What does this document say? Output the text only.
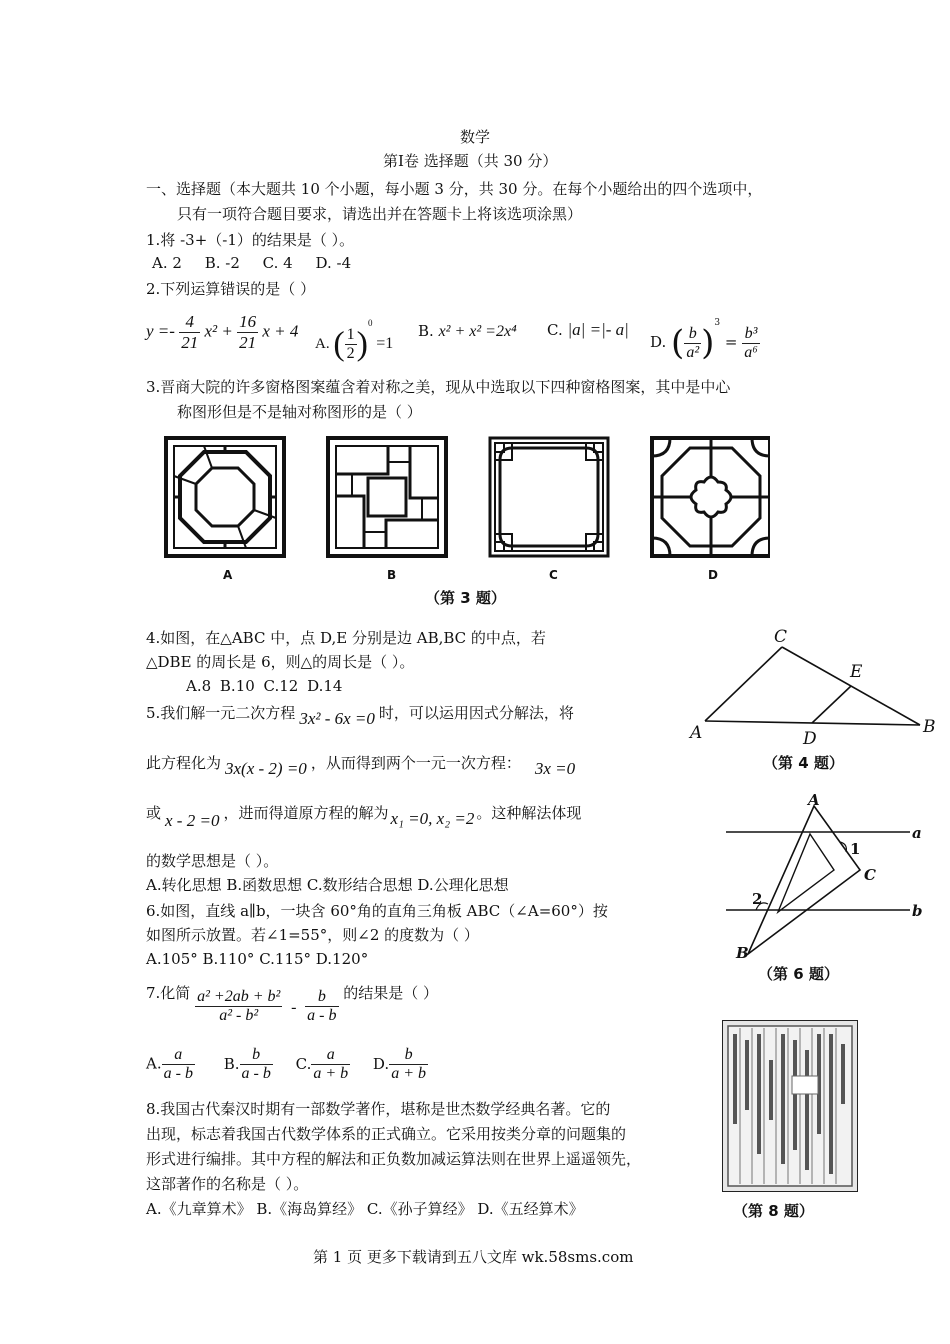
数学
第Ⅰ卷 选择题（共 30 分）
一、选择题（本大题共 10 个小题，每小题 3 分，共 30 分。在每个小题给出的四个选项中，
只有一项符合题目要求，请选出并在答题卡上将该选项涂黑）
1.将 -3+（-1）的结果是（ ）。
A. 2 B. -2 C. 4 D. -4
2.下列运算错误的是（ ）
$y =- \frac{4}{21} x^2 + \frac{16}{21}$ x + 4
A. ( $\frac{1}{2} )^0 =1$
B. x² + x² =2x⁴ C. |a| =|- a|
D. ( $\frac{b}{\text{a²}} )^3 = \frac{\text{b³}}{\text{a⁶}}$
3.晋商大院的许多窗格图案蕴含着对称之美，现从中选取以下四种窗格图案，其中是中心
称图形但是不是轴对称图形的是（ ）
A	B	C	D
（第 3 题）
4.如图，在△ABC 中，点 D,E 分别是边 AB,BC 的中点，若
△DBE 的周长是 6，则△的周长是（ ）。
A.8 B.10 C.12 D.14
C
E
A	D
B
（第 4 题）
5.我们解一元二次方程 3x² - 6x =0 时，可以运用因式分解法，将
此方程化为 3x(x - 2) =0 ，从而得到两个一元一次方程： 3x =0
或 x - 2 =0 ，进而得道原方程的解为 x₁ =0, x₂ =2 。这种解法体现
的数学思想是（ ）。
A.转化思想 B.函数思想 C.数形结合思想 D.公理化思想
6.如图，直线 a∥b，一块含 60°角的直角三角板 ABC（∠A=60°）按
如图所示放置。若∠1=55°，则∠2 的度数为（ ）
A.105° B.110° C.115° D.120°
A
1
a
C
2
b
B
（第 6 题）
7.化简 $\frac{\text{a² +2ab + b²}}{\text{a² - b²}} - \frac{b}{a - b}$ 的结果是（ ）
A. $\frac{a}{a - b} B$. $\frac{b}{a - b} C$. $\frac{a}{a + b} D$. $\frac{b}{a + b}$
8.我国古代秦汉时期有一部数学著作，堪称是世杰数学经典名著。它的
出现，标志着我国古代数学体系的正式确立。它采用按类分章的问题集的
形式进行编排。其中方程的解法和正负数加减运算法则在世界上遥遥领先，
这部著作的名称是（ ）。
A.《九章算术》 B.《海岛算经》 C.《孙子算经》 D.《五经算术》	（第 8 题）
第 1 页 更多下载请到五八文库 wk.58sms.com
